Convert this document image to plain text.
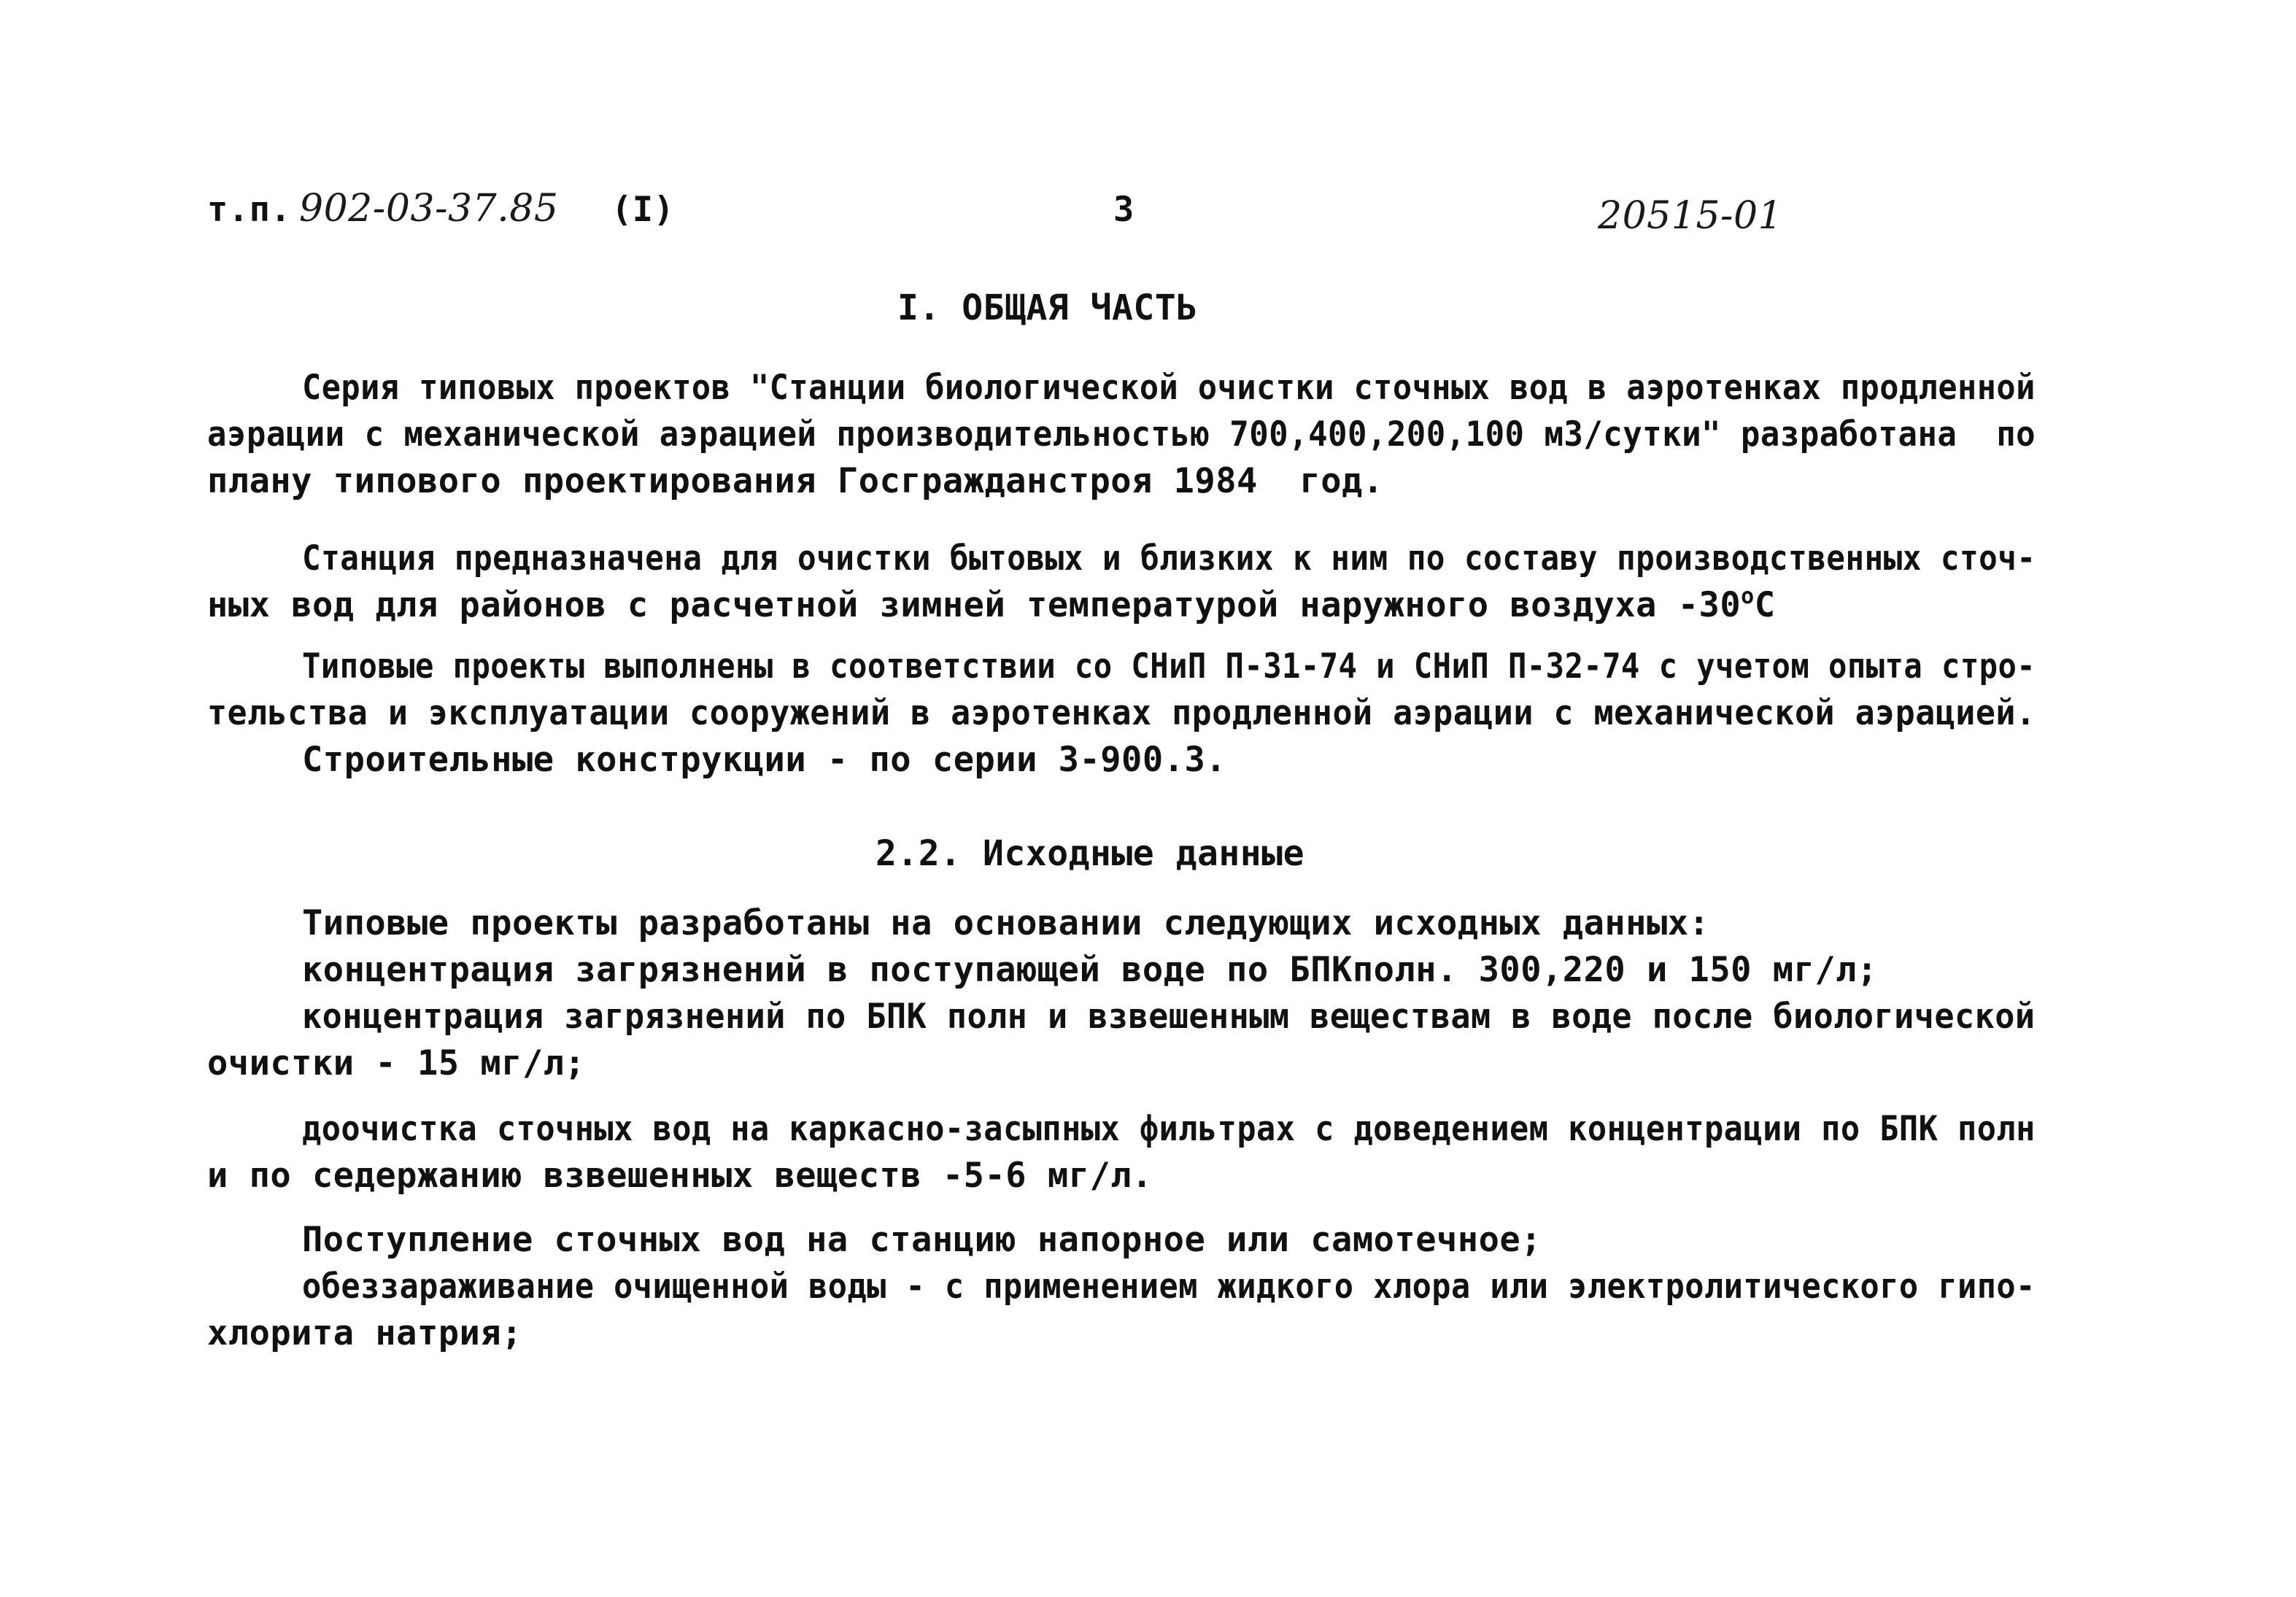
т.п. 902-03-37.85 (I)	3	20515-01
I. ОБЩАЯ ЧАСТЬ
Серия типовых проектов "Станции биологической очистки сточных вод в аэротенках продленной
аэрации с механической аэрацией производительностью 700,400,200,100 м3/сутки" разработана  по
плану типового проектирования Госгражданстроя 1984  год.
Станция предназначена для очистки бытовых и близких к ним по составу производственных сточ-
ных вод для районов с расчетной зимней температурой наружного воздуха -30$^o$C
Типовые проекты выполнены в соответствии со СНиП П-31-74 и СНиП П-32-74 с учетом опыта стро-
тельства и эксплуатации сооружений в аэротенках продленной аэрации с механической аэрацией.
Строительные конструкции - по серии 3-900.3.
2.2. Исходные данные
Типовые проекты разработаны на основании следующих исходных данных:
концентрация загрязнений в поступающей воде по БПКполн. 300,220 и 150 мг/л;
концентрация загрязнений по БПК полн и взвешенным веществам в воде после биологической
очистки - 15 мг/л;
доочистка сточных вод на каркасно-засыпных фильтрах с доведением концентрации по БПК полн
и по седержанию взвешенных веществ -5-6 мг/л.
Поступление сточных вод на станцию напорное или самотечное;
обеззараживание очищенной воды - с применением жидкого хлора или электролитического гипо-
хлорита натрия;
